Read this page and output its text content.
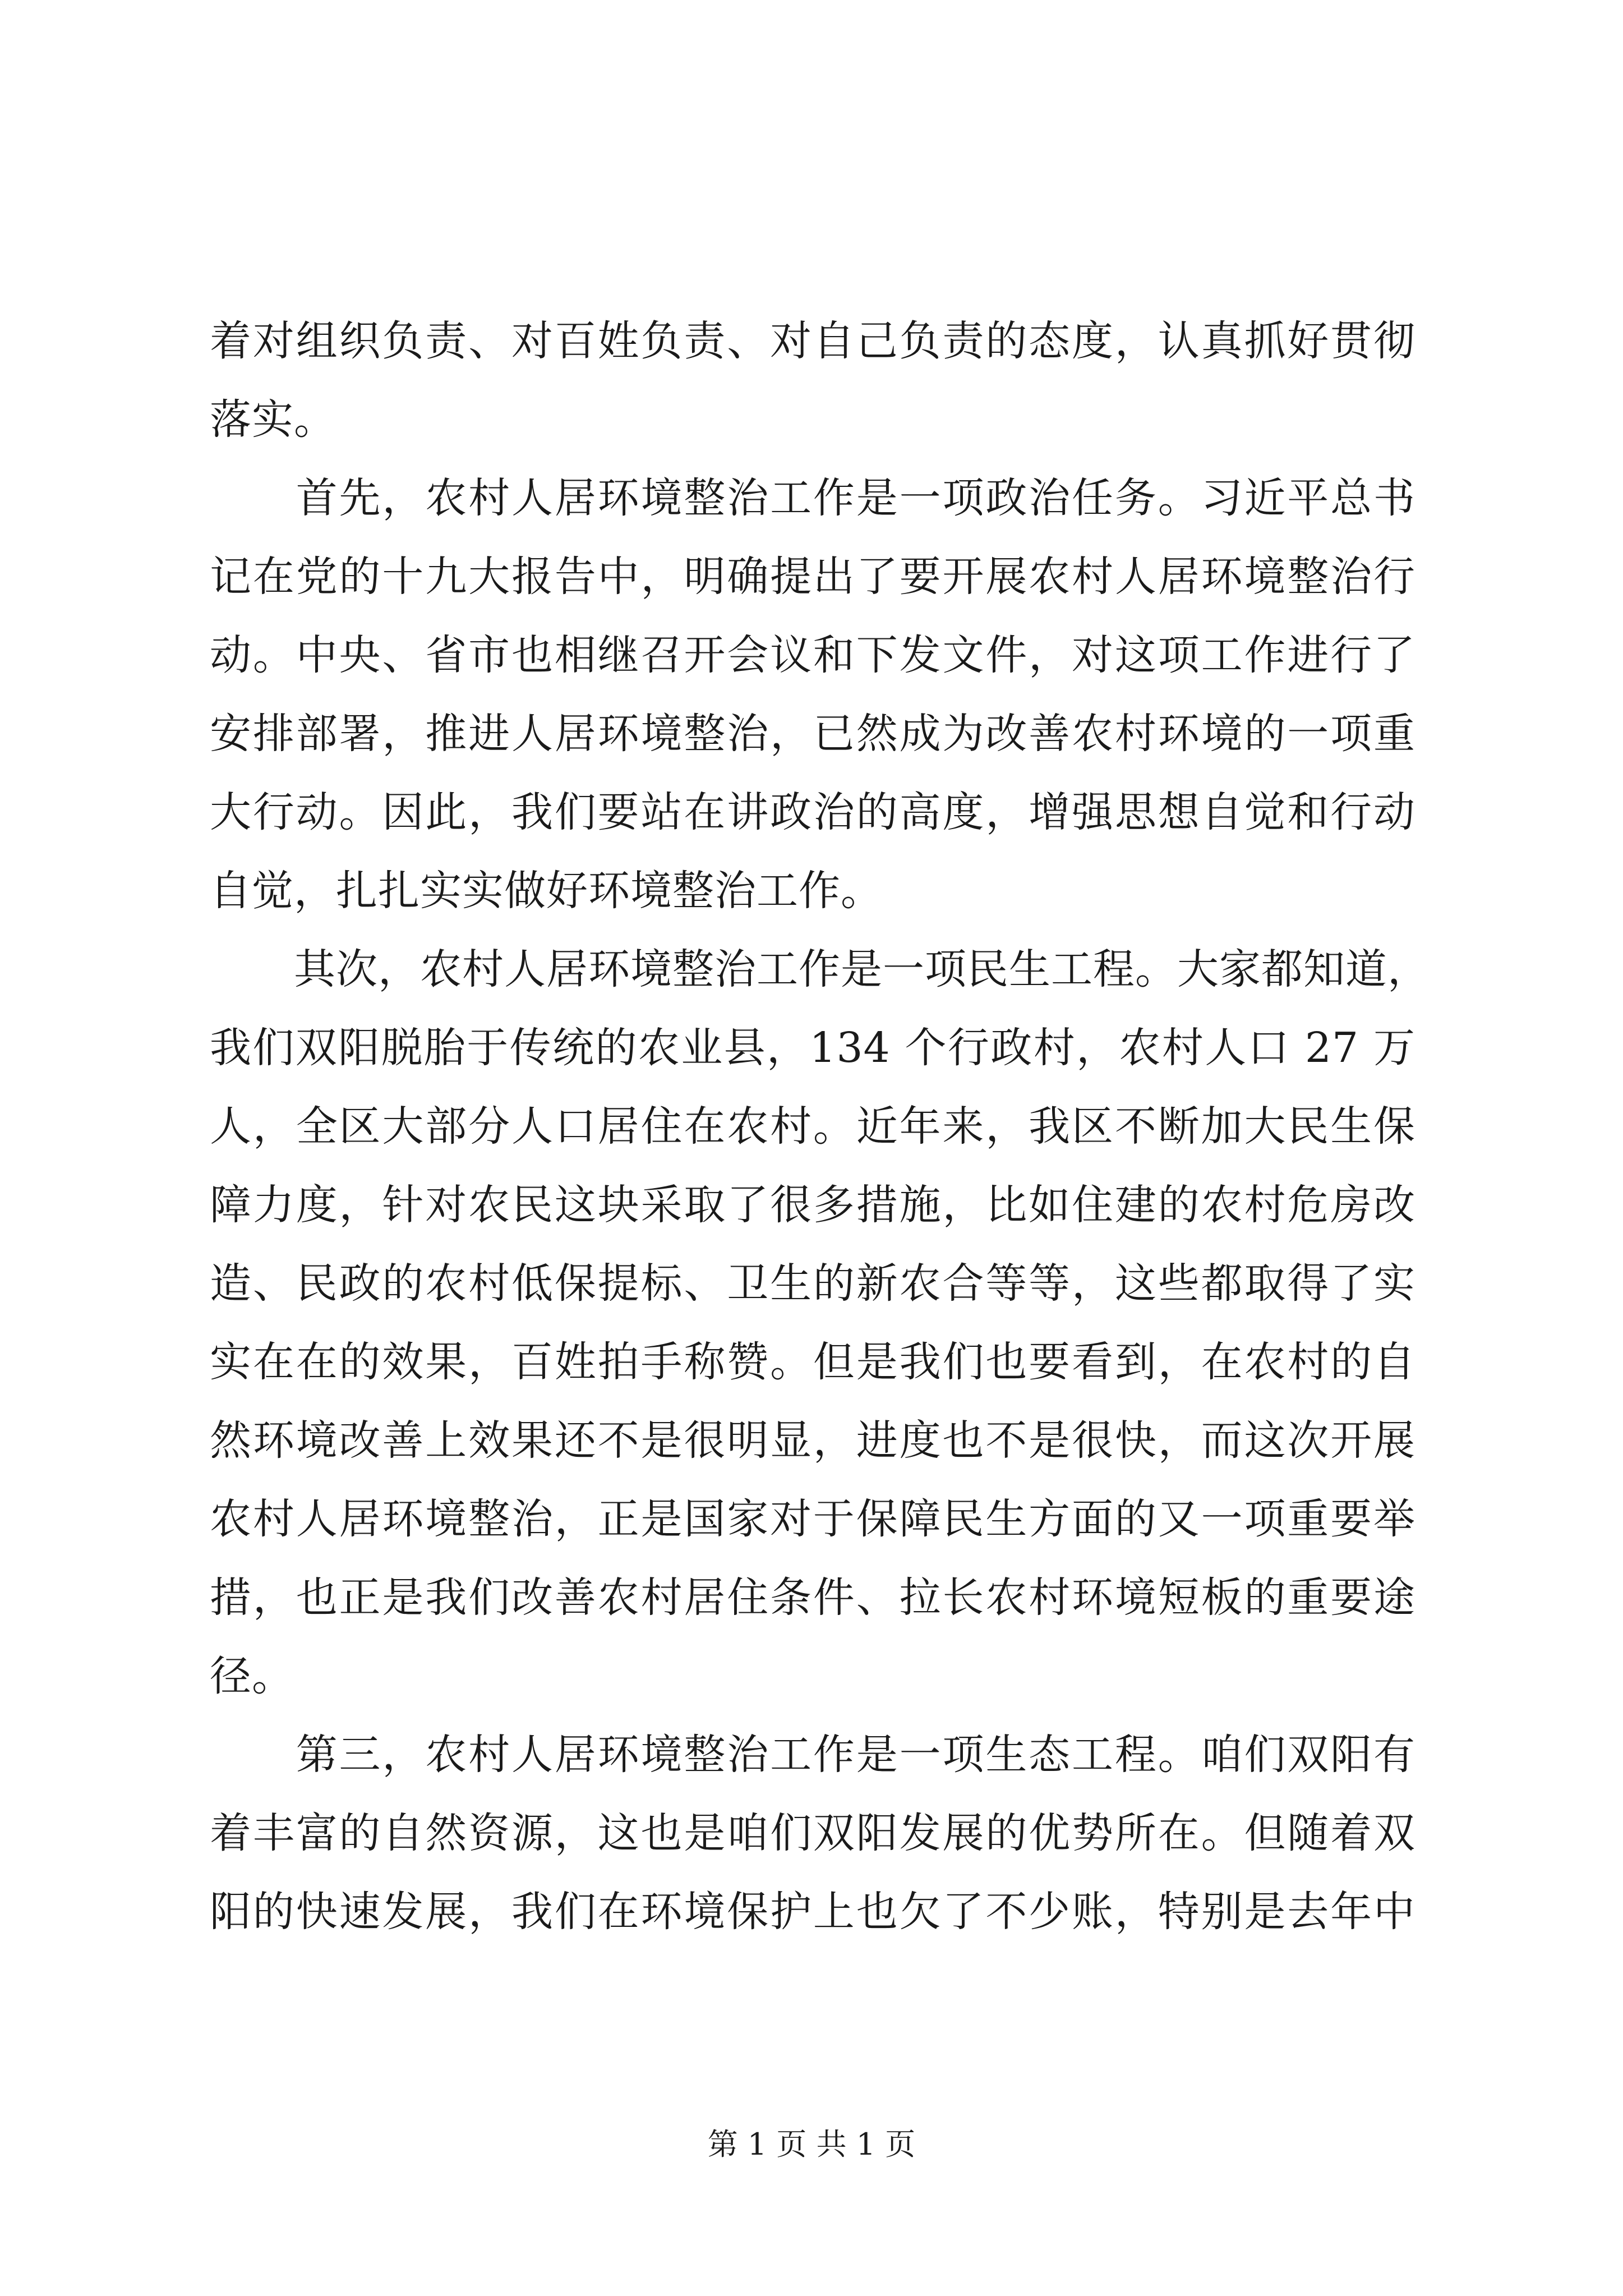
着对组织负责、对百姓负责、对自己负责的态度，认真抓好贯彻
落实。
　　首先，农村人居环境整治工作是一项政治任务。习近平总书
记在党的十九大报告中，明确提出了要开展农村人居环境整治行
动。中央、省市也相继召开会议和下发文件，对这项工作进行了
安排部署，推进人居环境整治，已然成为改善农村环境的一项重
大行动。因此，我们要站在讲政治的高度，增强思想自觉和行动
自觉，扎扎实实做好环境整治工作。
　　其次，农村人居环境整治工作是一项民生工程。大家都知道，
我们双阳脱胎于传统的农业县，134 个行政村，农村人口 27 万
人，全区大部分人口居住在农村。近年来，我区不断加大民生保
障力度，针对农民这块采取了很多措施，比如住建的农村危房改
造、民政的农村低保提标、卫生的新农合等等，这些都取得了实
实在在的效果，百姓拍手称赞。但是我们也要看到，在农村的自
然环境改善上效果还不是很明显，进度也不是很快，而这次开展
农村人居环境整治，正是国家对于保障民生方面的又一项重要举
措，也正是我们改善农村居住条件、拉长农村环境短板的重要途
径。
　　第三，农村人居环境整治工作是一项生态工程。咱们双阳有
着丰富的自然资源，这也是咱们双阳发展的优势所在。但随着双
阳的快速发展，我们在环境保护上也欠了不少账，特别是去年中
第 1 页 共 1 页
